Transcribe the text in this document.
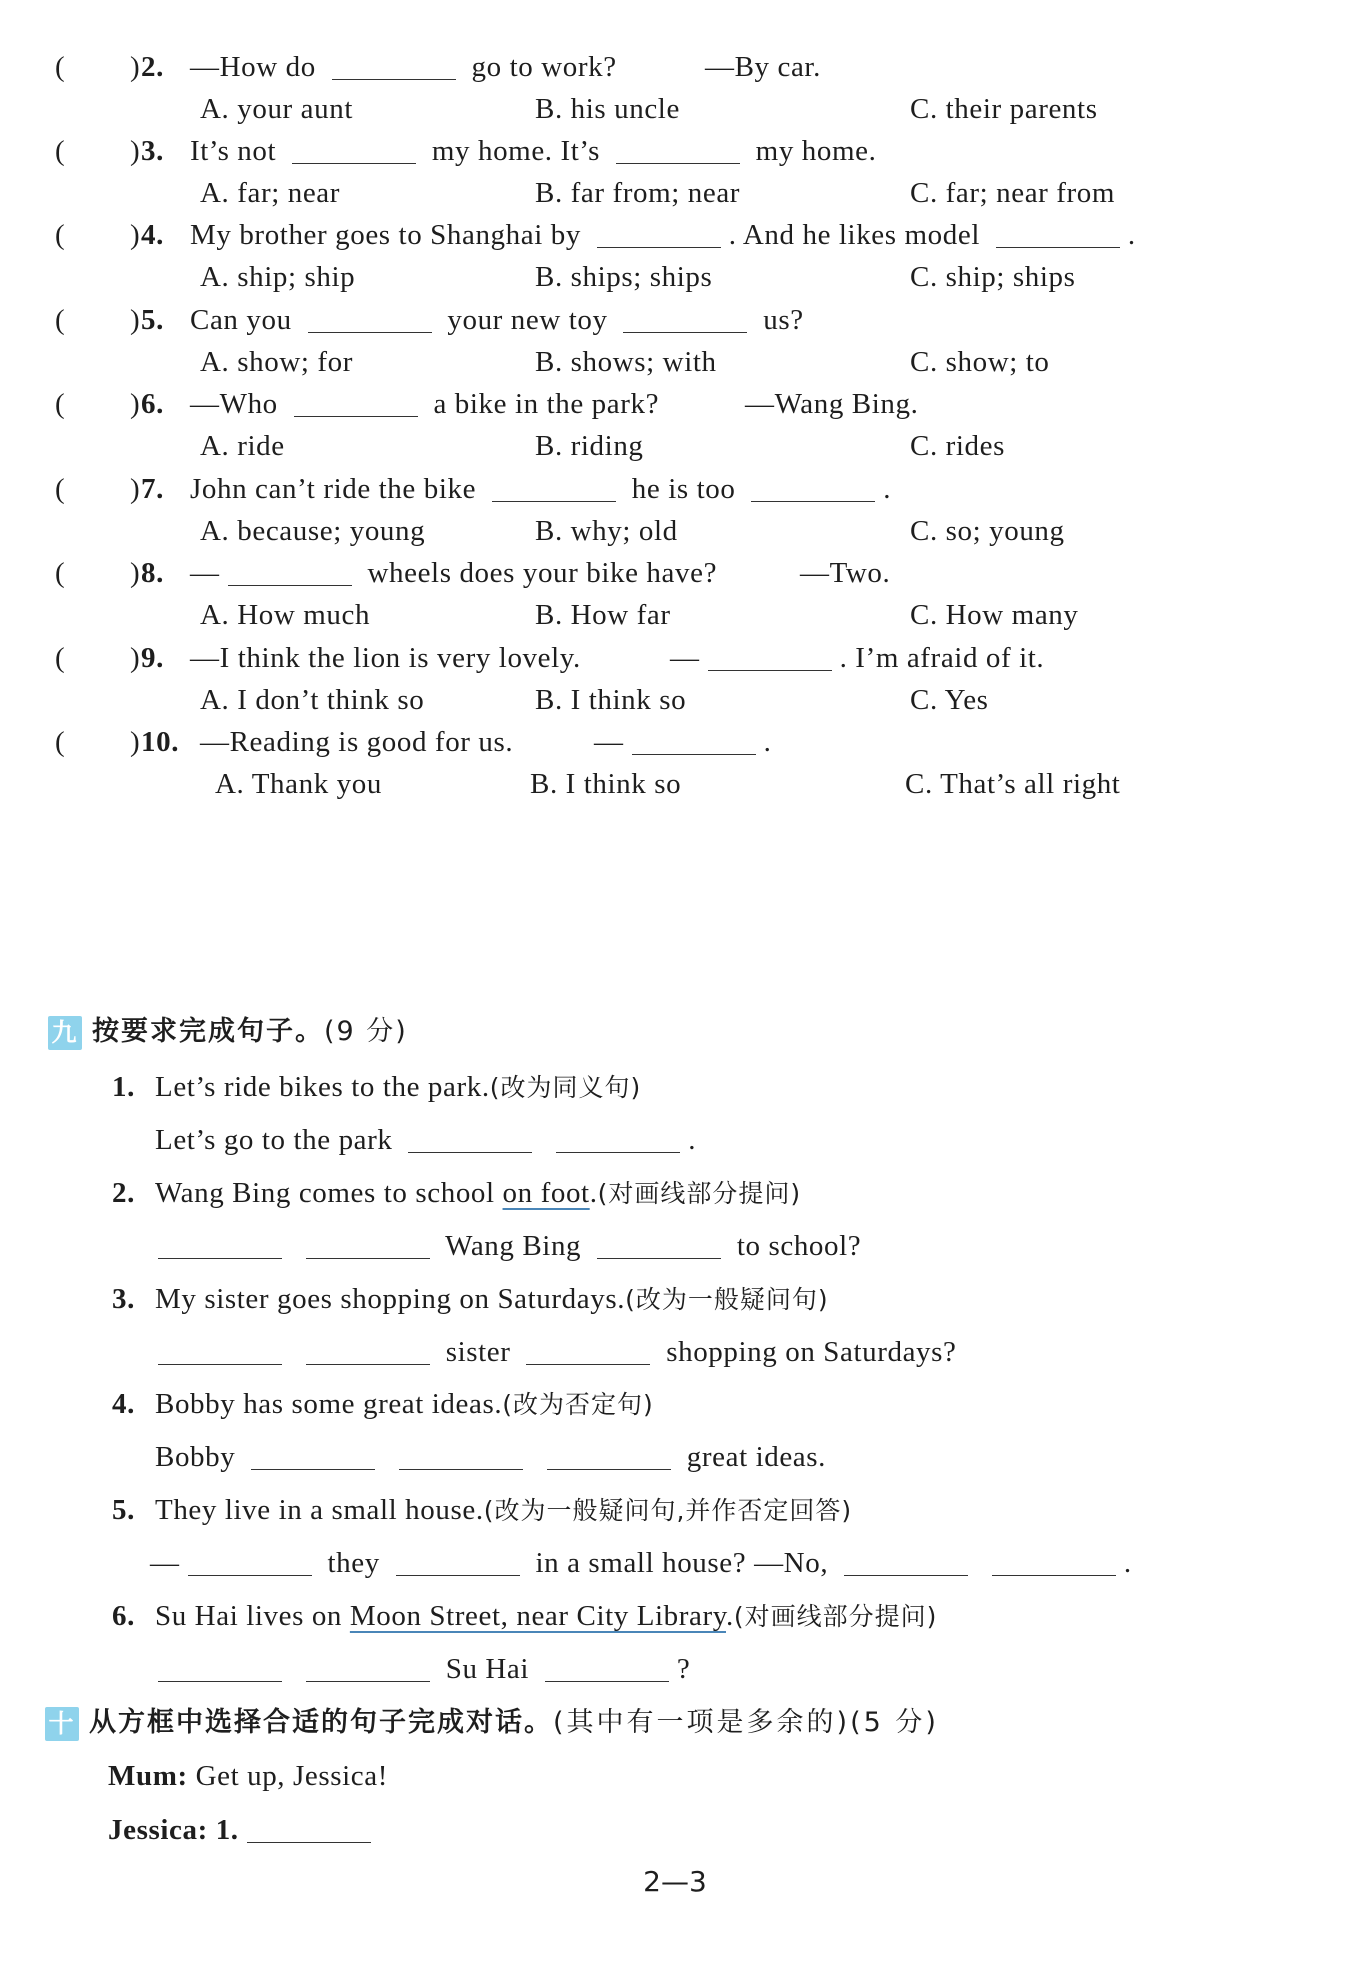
( ) 2. —How do	go to work?	—By car.
A. your aunt	B. his uncle	C. their parents
( ) 3. It’s not	my home. It’s	my home.
A. far; near	B. far from; near	C. far; near from
( ) 4. My brother goes to Shanghai by	. And he likes model	.
A. ship; ship	B. ships; ships	C. ship; ships
( ) 5. Can you	your new toy	us?
A. show; for	B. shows; with	C. show; to
( ) 6. —Who	a bike in the park?	—Wang Bing.
A. ride	B. riding	C. rides
( ) 7. John can’t ride the bike	he is too	.
A. because; young	B. why; old	C. so; young
( ) 8. —	wheels does your bike have?	—Two.
A. How much	B. How far	C. How many
( ) 9. —I think the lion is very lovely.	—	. I’m afraid of it.
A. I don’t think so	B. I think so	C. Yes
( ) 10. —Reading is good for us.	—	.
A. Thank you	B. I think so	C. That’s all right
九 按要求完成句子。(9 分)
1. Let’s ride bikes to the park.(改为同义句)
Let’s go to the park	.
2. Wang Bing comes to school on foot.(对画线部分提问)
Wang Bing	to school?
3. My sister goes shopping on Saturdays.(改为一般疑问句)
sister	shopping on Saturdays?
4. Bobby has some great ideas.(改为否定句)
Bobby	great ideas.
5. They live in a small house.(改为一般疑问句,并作否定回答)
—	they	in a small house? —No,	.
6. Su Hai lives on Moon Street, near City Library.(对画线部分提问)
Su Hai	?
十 从方框中选择合适的句子完成对话。(其中有一项是多余的)(5 分)
Mum: Get up, Jessica!
Jessica: 1.
2—3
